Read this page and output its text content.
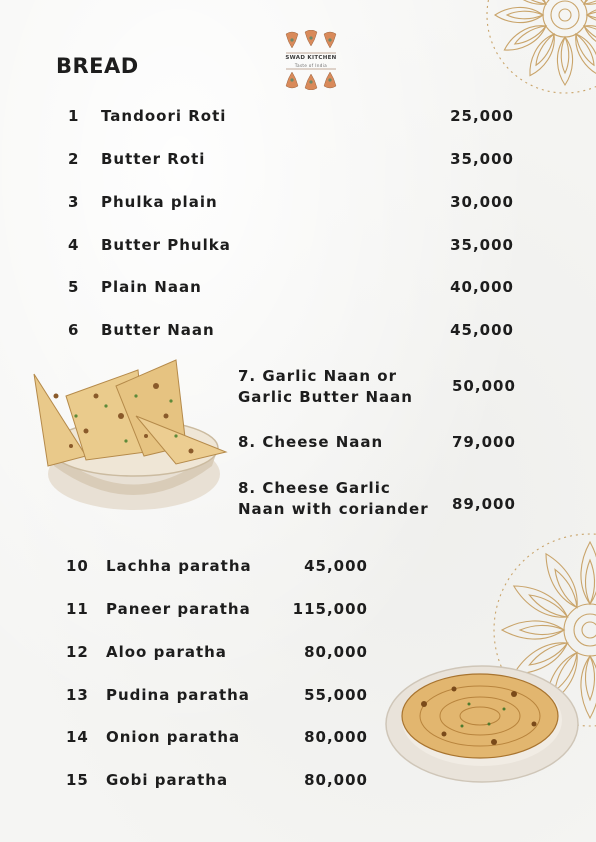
SWAD KITCHEN
Taste of India
BREAD
1 Tandoori Roti	25,000
2 Butter Roti	35,000
3 Phulka plain	30,000
4 Butter Phulka	35,000
5 Plain Naan	40,000
6 Butter Naan	45,000
7. Garlic Naan or
Garlic Butter Naan
50,000
8. Cheese Naan	79,000
8. Cheese Garlic
Naan with coriander 89,000
10 Lachha paratha	45,000
11 Paneer paratha	115,000
12 Aloo paratha	80,000
13 Pudina paratha	55,000
14 Onion paratha	80,000
15 Gobi paratha	80,000
